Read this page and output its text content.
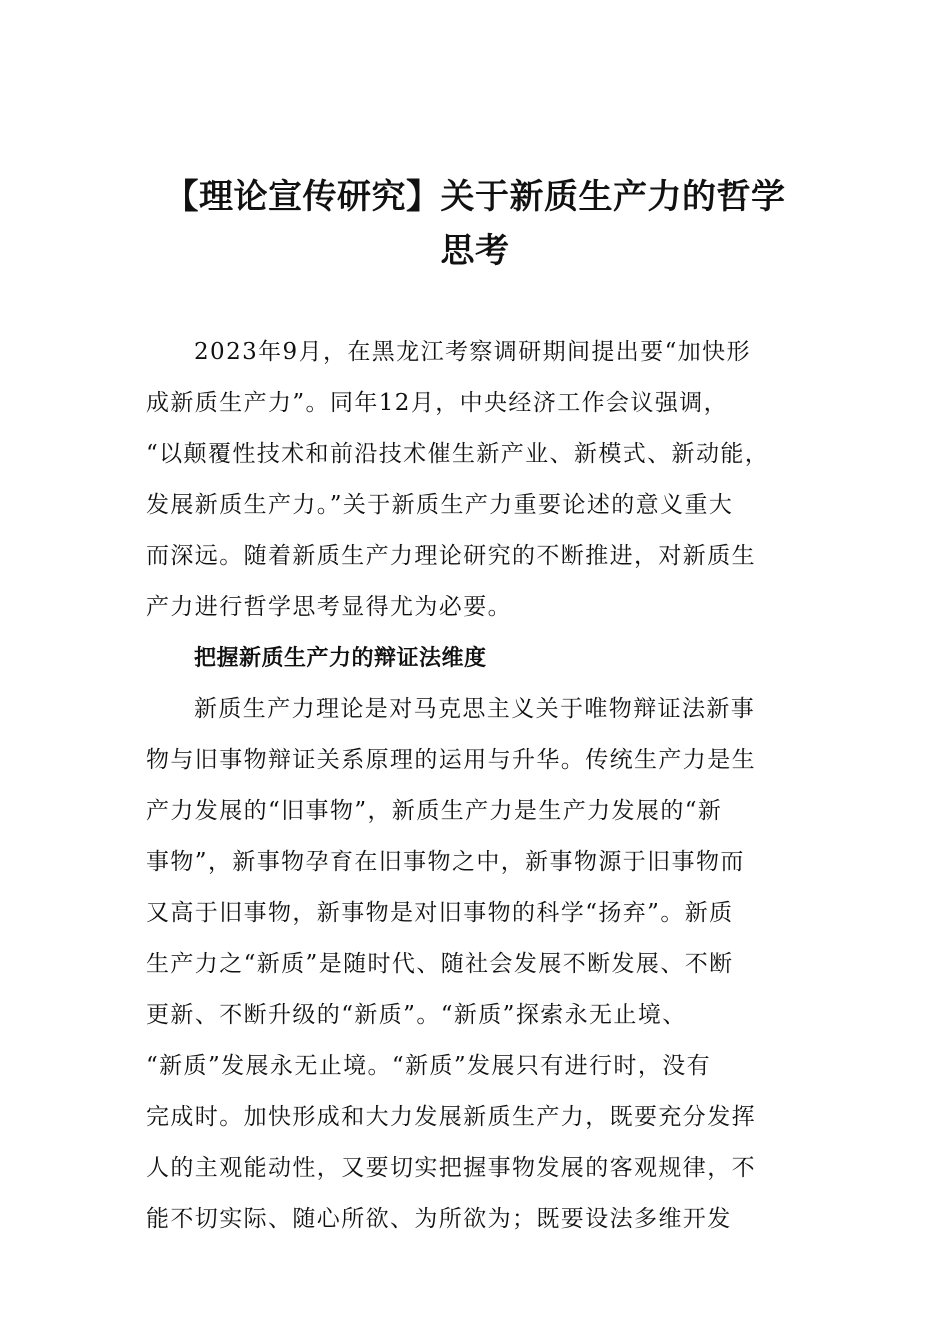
【理论宣传研究】关于新质生产力的哲学
思考

2023年9月，在黑龙江考察调研期间提出要“加快形
成新质生产力”。同年12月，中央经济工作会议强调，
“以颠覆性技术和前沿技术催生新产业、新模式、新动能，
发展新质生产力。”关于新质生产力重要论述的意义重大
而深远。随着新质生产力理论研究的不断推进，对新质生
产力进行哲学思考显得尤为必要。

把握新质生产力的辩证法维度

新质生产力理论是对马克思主义关于唯物辩证法新事
物与旧事物辩证关系原理的运用与升华。传统生产力是生
产力发展的“旧事物”，新质生产力是生产力发展的“新
事物”，新事物孕育在旧事物之中，新事物源于旧事物而
又高于旧事物，新事物是对旧事物的科学“扬弃”。新质
生产力之“新质”是随时代、随社会发展不断发展、不断
更新、不断升级的“新质”。“新质”探索永无止境、
“新质”发展永无止境。“新质”发展只有进行时，没有
完成时。加快形成和大力发展新质生产力，既要充分发挥
人的主观能动性，又要切实把握事物发展的客观规律，不
能不切实际、随心所欲、为所欲为；既要设法多维开发
